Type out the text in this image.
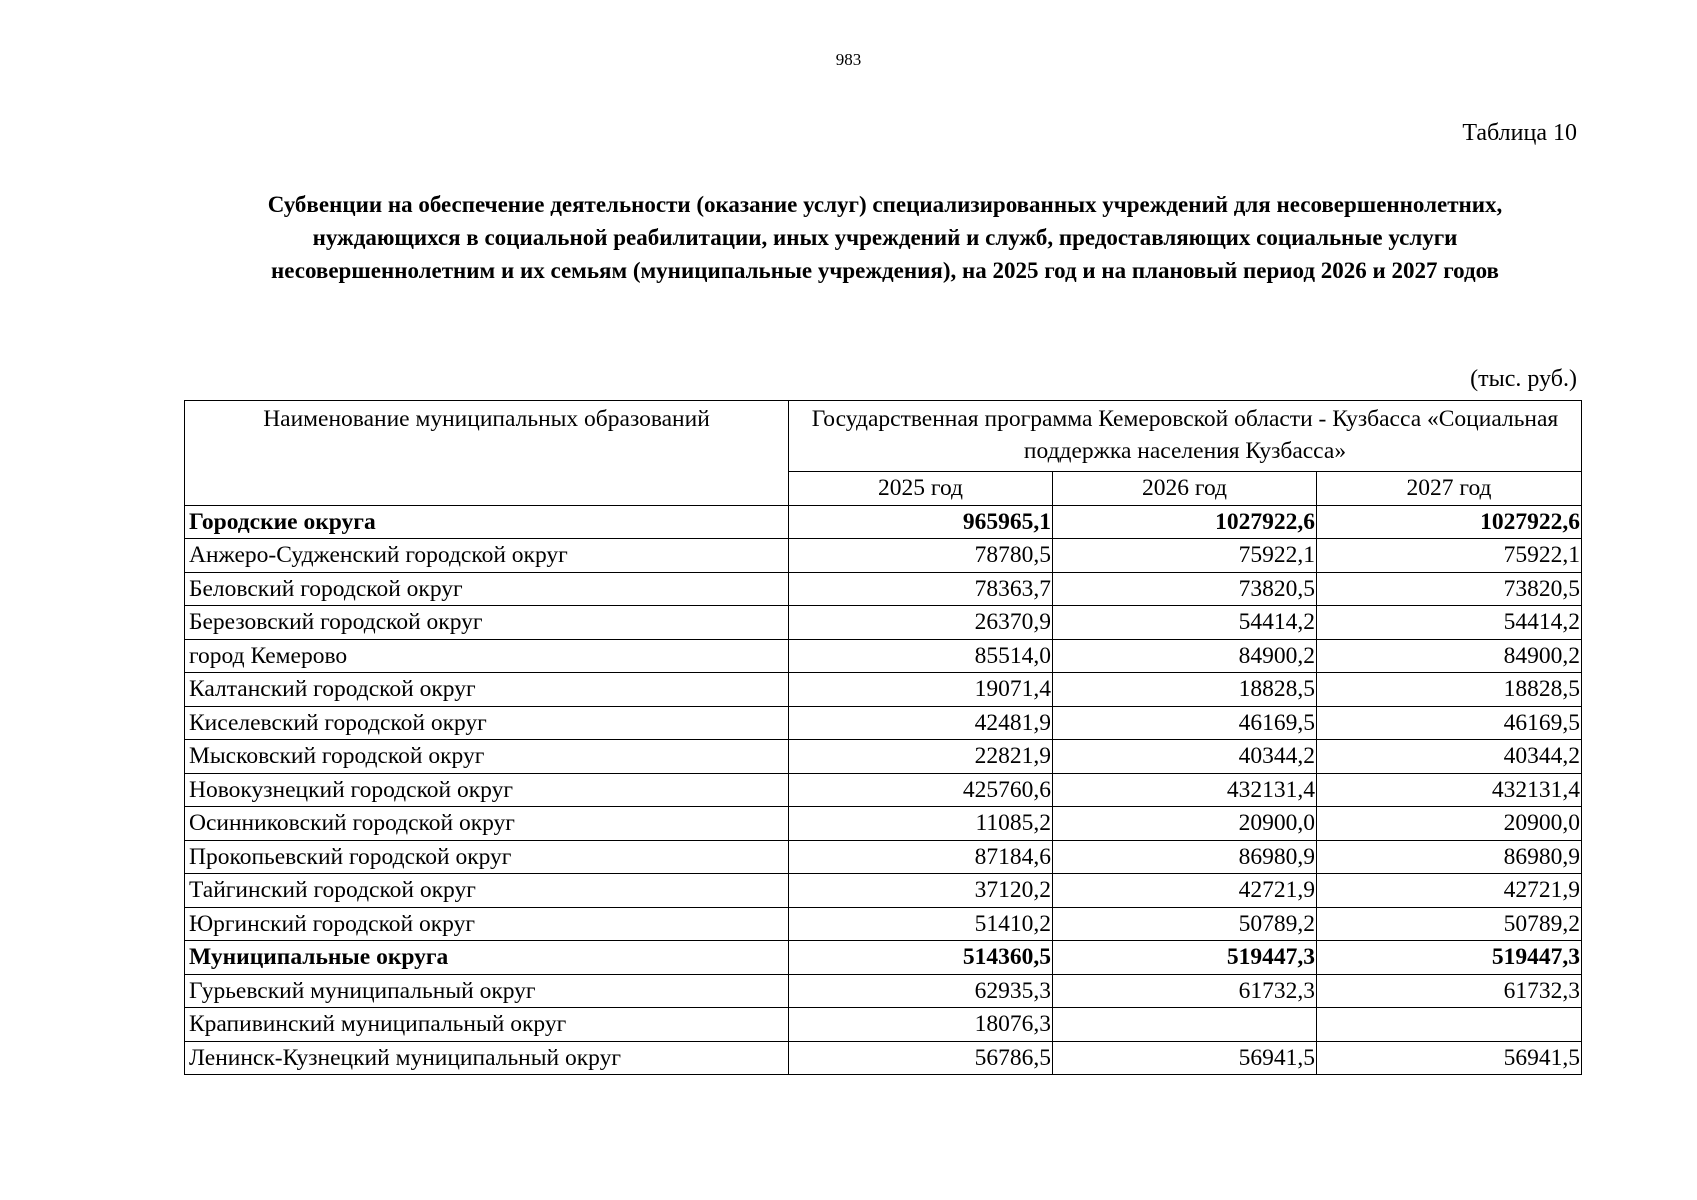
983
Таблица 10
Субвенции на обеспечение деятельности (оказание услуг) специализированных учреждений для несовершеннолетних, нуждающихся в социальной реабилитации, иных учреждений и служб, предоставляющих социальные услуги несовершеннолетним и их семьям (муниципальные учреждения), на 2025 год и на плановый период 2026 и 2027 годов
(тыс. руб.)
Наименование муниципальных образований	Государственная программа Кемеровской области - Кузбасса «Социальная поддержка населения Кузбасса»		
	2025 год	2026 год	2027 год
Городские округа	965965,1	1027922,6	1027922,6
Анжеро-Судженский городской округ	78780,5	75922,1	75922,1
Беловский городской округ	78363,7	73820,5	73820,5
Березовский городской округ	26370,9	54414,2	54414,2
город Кемерово	85514,0	84900,2	84900,2
Калтанский городской округ	19071,4	18828,5	18828,5
Киселевский городской округ	42481,9	46169,5	46169,5
Мысковский городской округ	22821,9	40344,2	40344,2
Новокузнецкий городской округ	425760,6	432131,4	432131,4
Осинниковский городской округ	11085,2	20900,0	20900,0
Прокопьевский городской округ	87184,6	86980,9	86980,9
Тайгинский городской округ	37120,2	42721,9	42721,9
Юргинский городской округ	51410,2	50789,2	50789,2
Муниципальные округа	514360,5	519447,3	519447,3
Гурьевский муниципальный округ	62935,3	61732,3	61732,3
Крапивинский муниципальный округ	18076,3		
Ленинск-Кузнецкий муниципальный округ	56786,5	56941,5	56941,5
